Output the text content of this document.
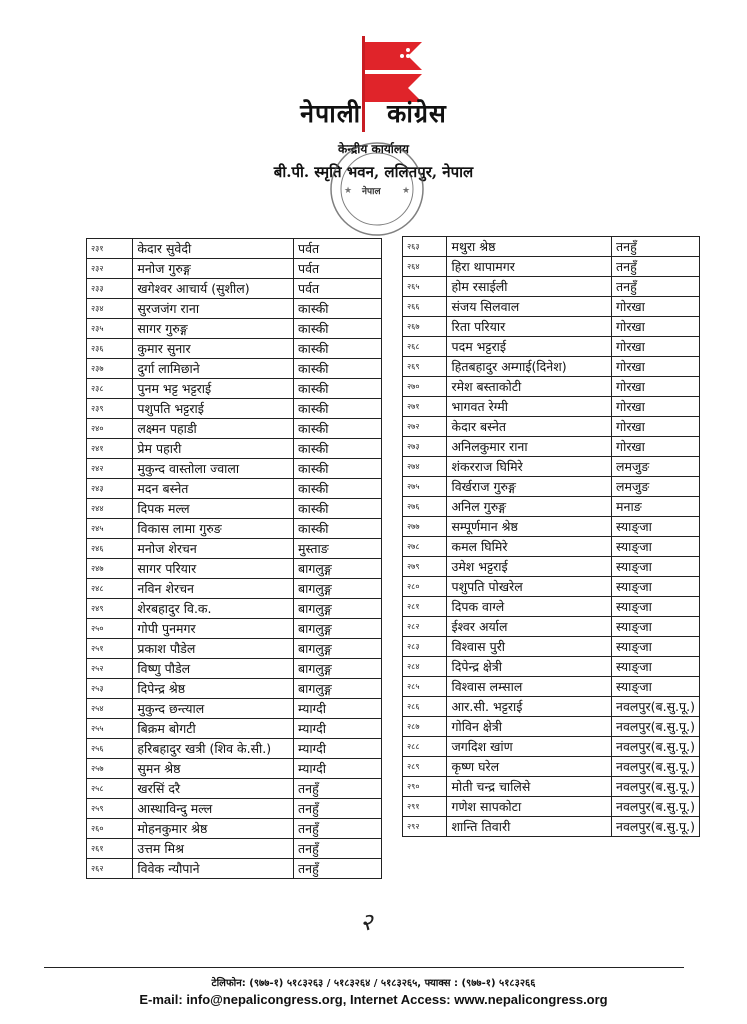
नेपाली कांग्रेस
केन्द्रीय कार्यालय
बी.पी. स्मृति भवन, ललितपुर, नेपाल
★	★
नेपाल
२३१	केदार सुवेदी	पर्वत
२३२	मनोज गुरुङ्ग	पर्वत
२३३	खगेश्वर आचार्य (सुशील)	पर्वत
२३४	सुरजजंग राना	कास्की
२३५	सागर गुरुङ्ग	कास्की
२३६	कुमार सुनार	कास्की
२३७	दुर्गा लामिछाने	कास्की
२३८	पुनम भट्ट भट्टराई	कास्की
२३९	पशुपति भट्टराई	कास्की
२४०	लक्ष्मन पहाडी	कास्की
२४१	प्रेम पहारी	कास्की
२४२	मुकुन्द वास्तोला ज्वाला	कास्की
२४३	मदन बस्नेत	कास्की
२४४	दिपक मल्ल	कास्की
२४५	विकास लामा गुरुङ	कास्की
२४६	मनोज शेरचन	मुस्ताङ
२४७	सागर परियार	बागलुङ्ग
२४८	नविन शेरचन	बागलुङ्ग
२४९	शेरबहादुर वि.क.	बागलुङ्ग
२५०	गोपी पुनमगर	बागलुङ्ग
२५१	प्रकाश पौडेल	बागलुङ्ग
२५२	विष्णु पौडेल	बागलुङ्ग
२५३	दिपेन्द्र श्रेष्ठ	बागलुङ्ग
२५४	मुकुन्द छन्त्याल	म्याग्दी
२५५	बिक्रम बोगटी	म्याग्दी
२५६	हरिबहादुर खत्री (शिव के.सी.)	म्याग्दी
२५७	सुमन श्रेष्ठ	म्याग्दी
२५८	खरसिं दरै	तनहुँ
२५९	आस्थाविन्दु मल्ल	तनहुँ
२६०	मोहनकुमार श्रेष्ठ	तनहुँ
२६१	उत्तम मिश्र	तनहुँ
२६२	विवेक न्यौपाने	तनहुँ
२६३	मथुरा श्रेष्ठ	तनहुँ
२६४	हिरा थापामगर	तनहुँ
२६५	होम रसाईली	तनहुँ
२६६	संजय सिलवाल	गोरखा
२६७	रिता परियार	गोरखा
२६८	पदम भट्टराई	गोरखा
२६९	हितबहादुर अम्गाई(दिनेश)	गोरखा
२७०	रमेश बस्ताकोटी	गोरखा
२७१	भागवत रेग्मी	गोरखा
२७२	केदार बस्नेत	गोरखा
२७३	अनिलकुमार राना	गोरखा
२७४	शंकरराज घिमिरे	लमजुङ
२७५	विर्खराज गुरुङ्ग	लमजुङ
२७६	अनिल गुरुङ्ग	मनाङ
२७७	सम्पूर्णमान श्रेष्ठ	स्याङ्जा
२७८	कमल घिमिरे	स्याङ्जा
२७९	उमेश भट्टराई	स्याङ्जा
२८०	पशुपति पोखरेल	स्याङ्जा
२८१	दिपक वाग्ले	स्याङ्जा
२८२	ईश्वर अर्याल	स्याङ्जा
२८३	विश्वास पुरी	स्याङ्जा
२८४	दिपेन्द्र क्षेत्री	स्याङ्जा
२८५	विश्वास लम्साल	स्याङ्जा
२८६	आर.सी. भट्टराई	नवलपुर(ब.सु.पू.)
२८७	गोविन क्षेत्री	नवलपुर(ब.सु.पू.)
२८८	जगदिश खांण	नवलपुर(ब.सु.पू.)
२८९	कृष्ण घरेल	नवलपुर(ब.सु.पू.)
२९०	मोती चन्द्र चालिसे	नवलपुर(ब.सु.पू.)
२९१	गणेश सापकोटा	नवलपुर(ब.सु.पू.)
२९२	शान्ति तिवारी	नवलपुर(ब.सु.पू.)
२
टेलिफोन: (९७७-१) ५१८३२६३ / ५१८३२६४ / ५१८३२६५, फ्याक्स : (९७७-१) ५१८३२६६
E-mail: info@nepalicongress.org, Internet Access: www.nepalicongress.org
